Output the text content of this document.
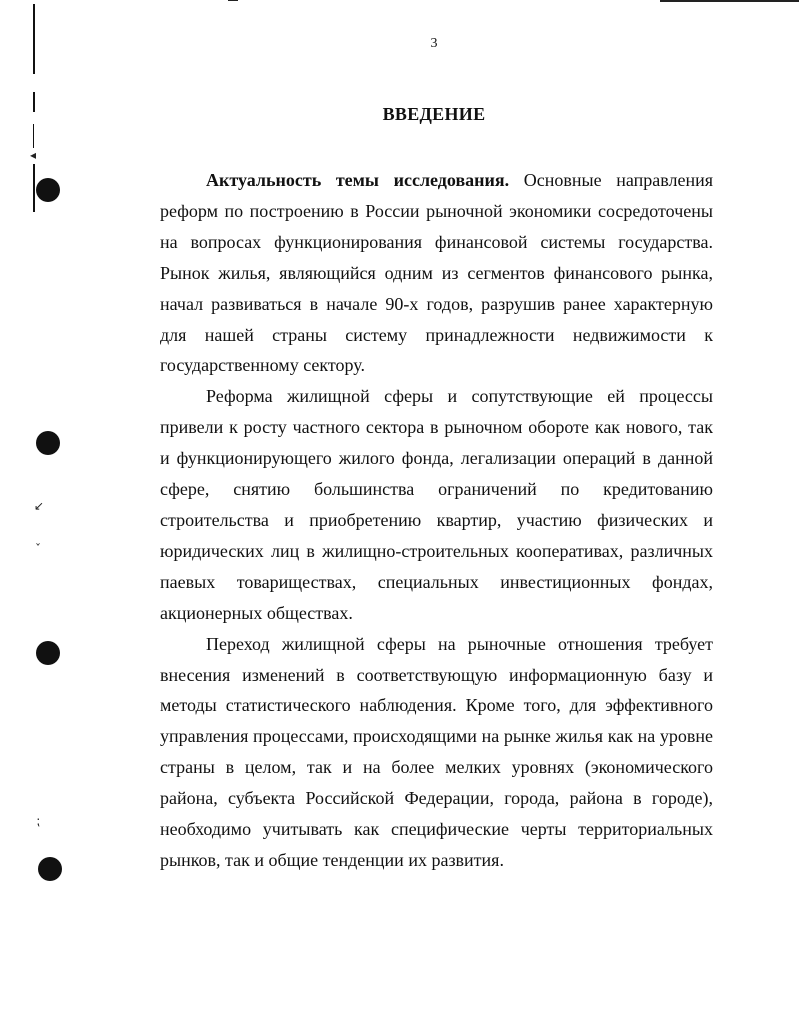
◂
↙
ˇ
⁏
3
ВВЕДЕНИЕ

Актуальность темы исследования. Основные направления реформ по построению в России рыночной экономики сосредоточены на вопросах функционирования финансовой системы государства. Рынок жилья, являющийся одним из сегментов финансового рынка, начал развиваться в начале 90-х годов, разрушив ранее характерную для нашей страны систему принадлежности недвижимости к государственному сектору.

Реформа жилищной сферы и сопутствующие ей процессы привели к росту частного сектора в рыночном обороте как нового, так и функционирующего жилого фонда, легализации операций в данной сфере, снятию большинства ограничений по кредитованию строительства и приобретению квартир, участию физических и юридических лиц в жилищно-строительных кооперативах, различных паевых товариществах, специальных инвестиционных фондах, акционерных обществах.

Переход жилищной сферы на рыночные отношения требует внесения изменений в соответствующую информационную базу и методы статистического наблюдения. Кроме того, для эффективного управления процессами, происходящими на рынке жилья как на уровне страны в целом, так и на более мелких уровнях (экономического района, субъекта Российской Федерации, города, района в городе), необходимо учитывать как специфические черты территориальных рынков, так и общие тенденции их развития.
